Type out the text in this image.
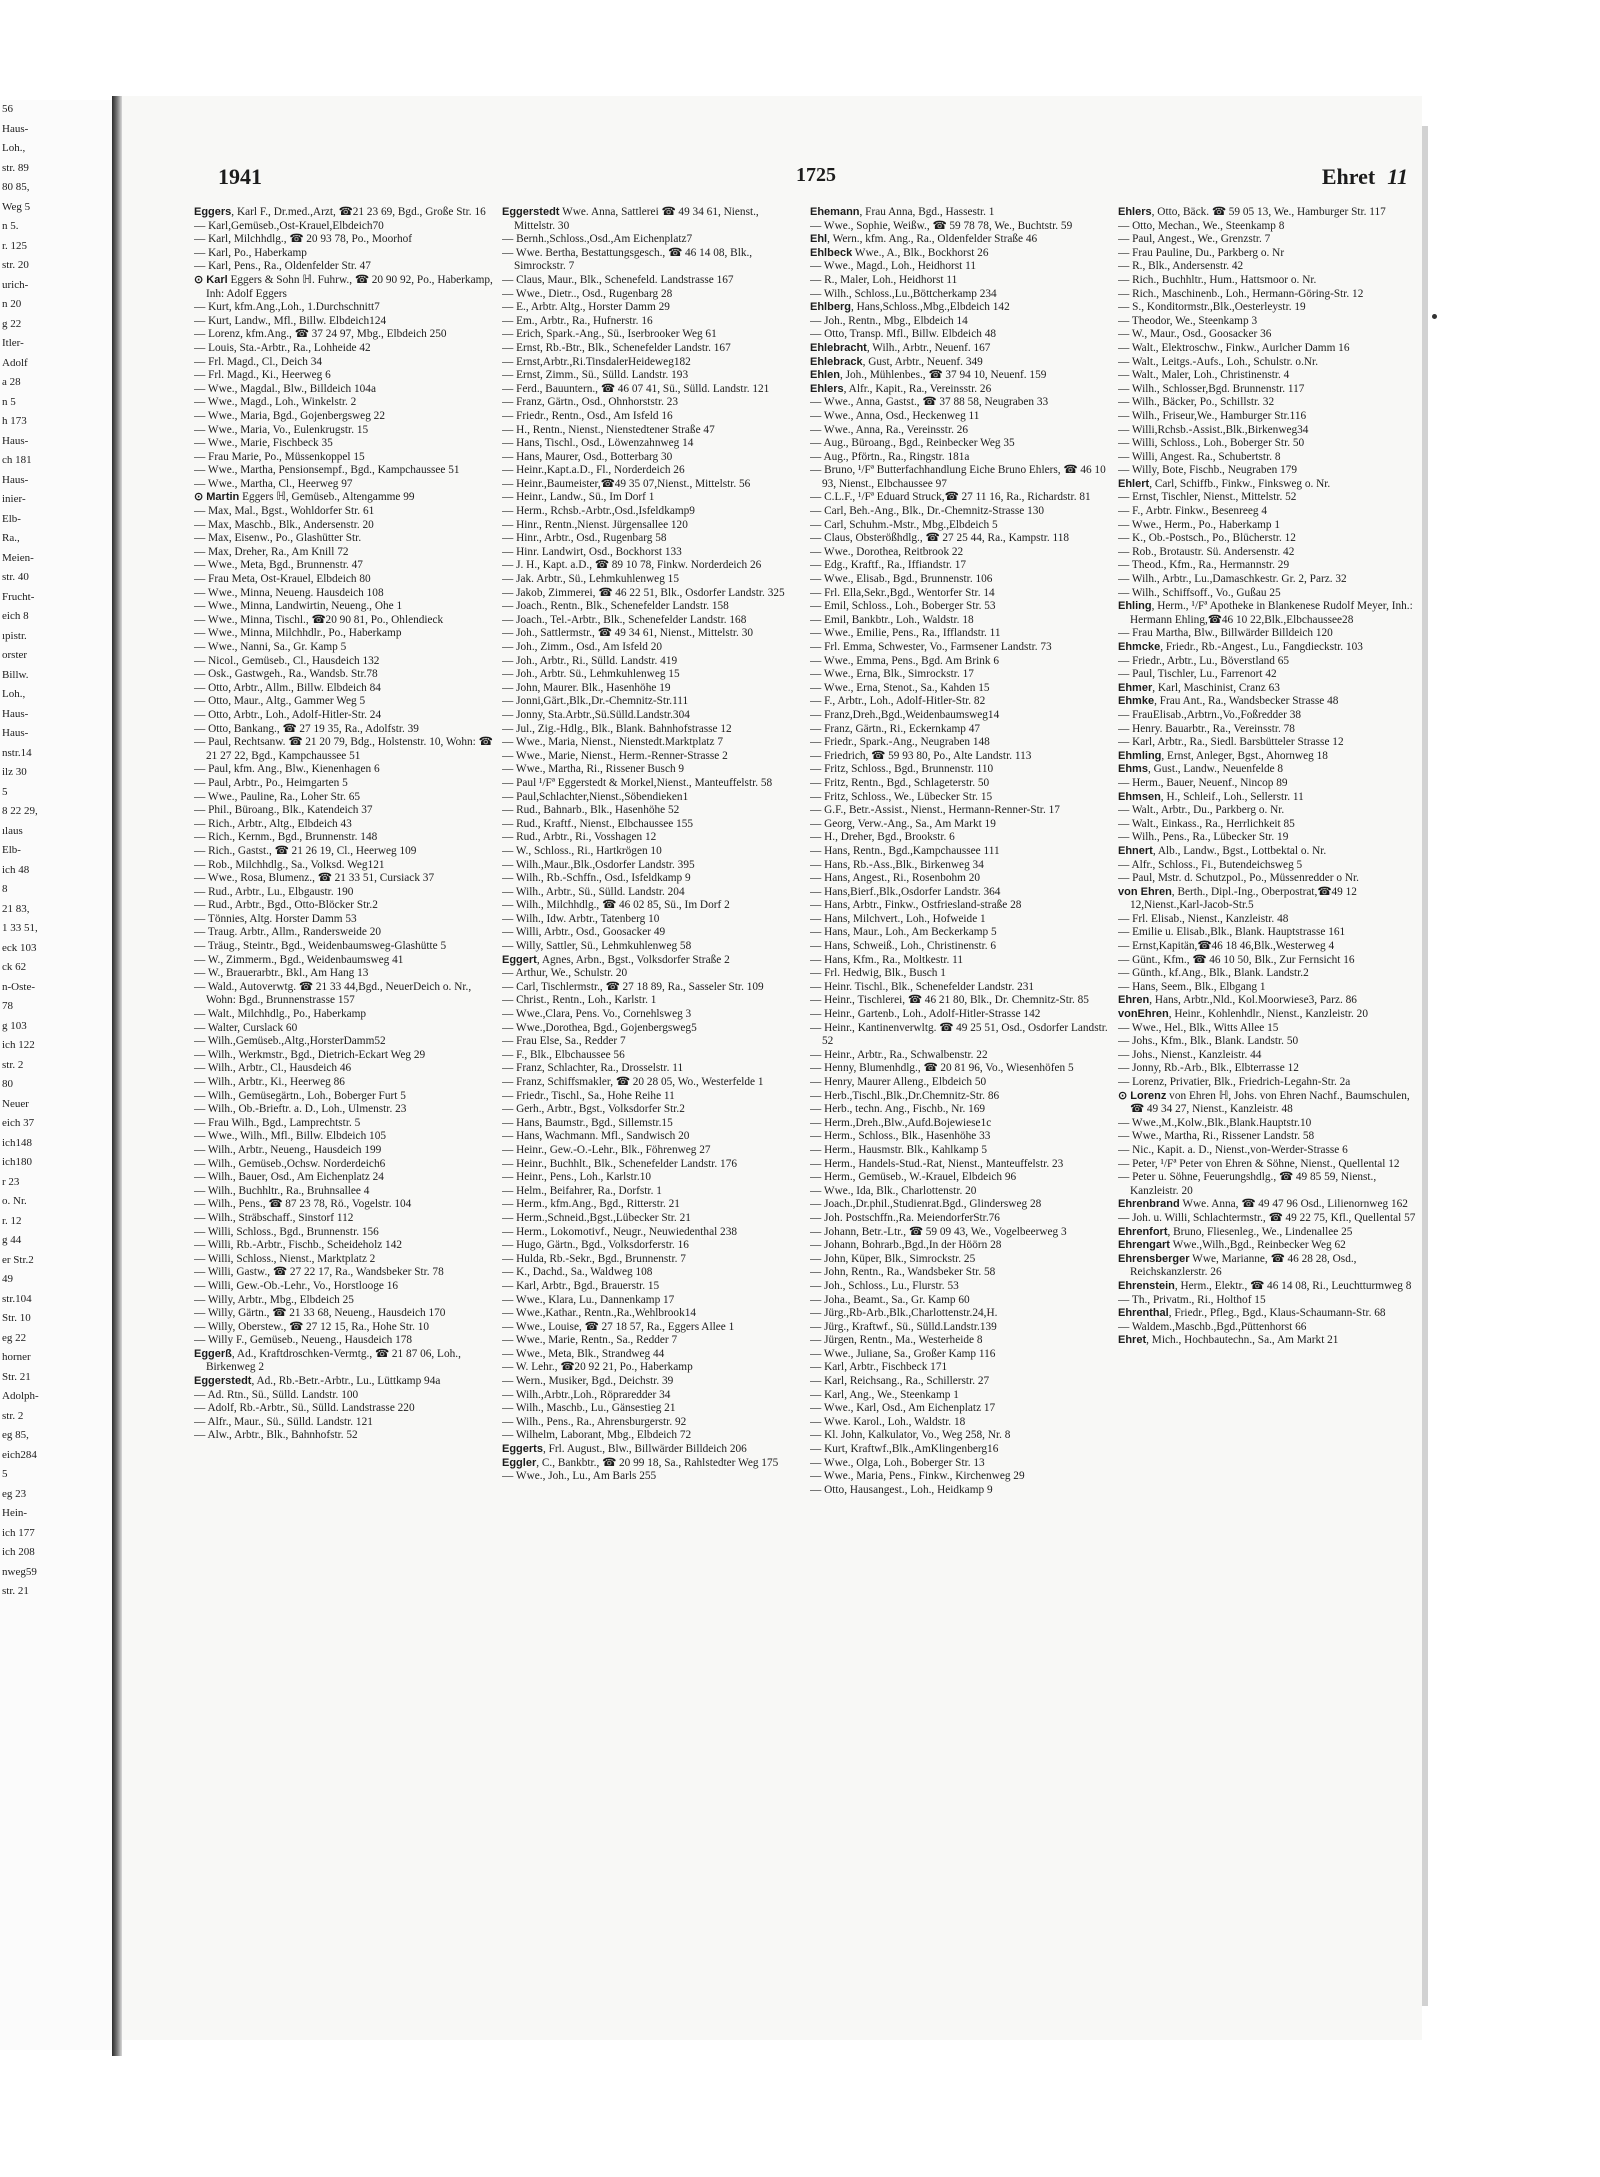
56
Haus-
Loh.,
str. 89
80 85,
Weg 5
n 5.
r. 125
str. 20
urich-
n 20
g 22
Itler-
Adolf
a 28
n 5
h 173
Haus-
ch 181
Haus-
inier-
Elb-
Ra.,
Meien-
str. 40
Frucht-
eich 8
ıpistr.
orster
Billw.
Loh.,
Haus-
Haus-
nstr.14
ilz 30
5
8 22 29,
ılaus
Elb-
ich 48
8
21 83,
1 33 51,
eck 103
ck 62
n-Oste-
78
g 103
ich 122
str. 2
80
Neuer
eich 37
ich148
ich180
r 23
o. Nr.
r. 12
g 44
er Str.2
49
str.104
Str. 10
eg 22
horner
Str. 21
Adolph-
str. 2
eg 85,
eich284
5
eg 23
Hein-
ich 177
ich 208
nweg59
str. 21
1941	1725	Ehret 11

Eggers, Karl F., Dr.med.,Arzt, ☎21 23 69, Bgd., Große Str. 16

— Karl,Gemüseb.,Ost-Krauel,Elbdeich70

— Karl, Milchhdlg., ☎ 20 93 78, Po., Moorhof

— Karl, Po., Haberkamp

— Karl, Pens., Ra., Oldenfelder Str. 47

⊙ Karl Eggers & Sohn ℍ. Fuhrw., ☎ 20 90 92, Po., Haberkamp, Inh: Adolf Eggers

— Kurt, kfm.Ang.,Loh., 1.Durchschnitt7

— Kurt, Landw., Mfl., Billw. Elbdeich124

— Lorenz, kfm.Ang., ☎ 37 24 97, Mbg., Elbdeich 250

— Louis, Sta.-Arbtr., Ra., Lohheide 42

— Frl. Magd., Cl., Deich 34

— Frl. Magd., Ki., Heerweg 6

— Wwe., Magdal., Blw., Billdeich 104a

— Wwe., Magd., Loh., Winkelstr. 2

— Wwe., Maria, Bgd., Gojenbergsweg 22

— Wwe., Maria, Vo., Eulenkrugstr. 15

— Wwe., Marie, Fischbeck 35

— Frau Marie, Po., Müssenkoppel 15

— Wwe., Martha, Pensionsempf., Bgd., Kampchaussee 51

— Wwe., Martha, Cl., Heerweg 97

⊙ Martin Eggers ℍ, Gemüseb., Altengamme 99

— Max, Mal., Bgst., Wohldorfer Str. 61

— Max, Maschb., Blk., Andersenstr. 20

— Max, Eisenw., Po., Glashütter Str.

— Max, Dreher, Ra., Am Knill 72

— Wwe., Meta, Bgd., Brunnenstr. 47

— Frau Meta, Ost-Krauel, Elbdeich 80

— Wwe., Minna, Neueng. Hausdeich 108

— Wwe., Minna, Landwirtin, Neueng., Ohe 1

— Wwe., Minna, Tischl., ☎20 90 81, Po., Ohlendieck

— Wwe., Minna, Milchhdlr., Po., Haberkamp

— Wwe., Nanni, Sa., Gr. Kamp 5

— Nicol., Gemüseb., Cl., Hausdeich 132

— Osk., Gastwgeh., Ra., Wandsb. Str.78

— Otto, Arbtr., Allm., Billw. Elbdeich 84

— Otto, Maur., Altg., Gammer Weg 5

— Otto, Arbtr., Loh., Adolf-Hitler-Str. 24

— Otto, Bankang., ☎ 27 19 35, Ra., Adolfstr. 39

— Paul, Rechtsanw. ☎ 21 20 79, Bdg., Holstenstr. 10, Wohn: ☎ 21 27 22, Bgd., Kampchaussee 51

— Paul, kfm. Ang., Blw., Kienenhagen 6

— Paul, Arbtr., Po., Heimgarten 5

— Wwe., Pauline, Ra., Loher Str. 65

— Phil., Büroang., Blk., Katendeich 37

— Rich., Arbtr., Altg., Elbdeich 43

— Rich., Kernm., Bgd., Brunnenstr. 148

— Rich., Gastst., ☎ 21 26 19, Cl., Heerweg 109

— Rob., Milchhdlg., Sa., Volksd. Weg121

— Wwe., Rosa, Blumenz., ☎ 21 33 51, Cursiack 37

— Rud., Arbtr., Lu., Elbgaustr. 190

— Rud., Arbtr., Bgd., Otto-Blöcker Str.2

— Tönnies, Altg. Horster Damm 53

— Traug. Arbtr., Allm., Randersweide 20

— Träug., Steintr., Bgd., Weidenbaumsweg-Glashütte 5

— W., Zimmerm., Bgd., Weidenbaumsweg 41

— W., Brauerarbtr., Bkl., Am Hang 13

— Wald., Autoverwtg. ☎ 21 33 44,Bgd., NeuerDeich o. Nr., Wohn: Bgd., Brunnenstrasse 157

— Walt., Milchhdlg., Po., Haberkamp

— Walter, Curslack 60

— Wilh.,Gemüseb.,Altg.,HorsterDamm52

— Wilh., Werkmstr., Bgd., Dietrich-Eckart Weg 29

— Wilh., Arbtr., Cl., Hausdeich 46

— Wilh., Arbtr., Ki., Heerweg 86

— Wilh., Gemüsegärtn., Loh., Boberger Furt 5

— Wilh., Ob.-Brieftr. a. D., Loh., Ulmenstr. 23

— Frau Wilh., Bgd., Lamprechtstr. 5

— Wwe., Wilh., Mfl., Billw. Elbdeich 105

— Wilh., Arbtr., Neueng., Hausdeich 199

— Wilh., Gemüseb.,Ochsw. Norderdeich6

— Wilh., Bauer, Osd., Am Eichenplatz 24

— Wilh., Buchhltr., Ra., Bruhnsallee 4

— Wilh., Pens., ☎ 87 23 78, Rö., Vogelstr. 104

— Wilh., Sträbschaff., Sinstorf 112

— Willi, Schloss., Bgd., Brunnenstr. 156

— Willi, Rb.-Arbtr., Fischb., Scheideholz 142

— Willi, Schloss., Nienst., Marktplatz 2

— Willi, Gastw., ☎ 27 22 17, Ra., Wandsbeker Str. 78

— Willi, Gew.-Ob.-Lehr., Vo., Horstlooge 16

— Willy, Arbtr., Mbg., Elbdeich 25

— Willy, Gärtn., ☎ 21 33 68, Neueng., Hausdeich 170

— Willy, Oberstew., ☎ 27 12 15, Ra., Hohe Str. 10

— Willy F., Gemüseb., Neueng., Hausdeich 178

Eggerß, Ad., Kraftdroschken-Vermtg., ☎ 21 87 06, Loh., Birkenweg 2

Eggerstedt, Ad., Rb.-Betr.-Arbtr., Lu., Lüttkamp 94a

— Ad. Rtn., Sü., Sülld. Landstr. 100

— Adolf, Rb.-Arbtr., Sü., Sülld. Landstrasse 220

— Alfr., Maur., Sü., Sülld. Landstr. 121

— Alw., Arbtr., Blk., Bahnhofstr. 52

Eggerstedt Wwe. Anna, Sattlerei ☎ 49 34 61, Nienst., Mittelstr. 30

— Bernh.,Schloss.,Osd.,Am Eichenplatz7

— Wwe. Bertha, Bestattungsgesch., ☎ 46 14 08, Blk., Simrockstr. 7

— Claus, Maur., Blk., Schenefeld. Landstrasse 167

— Wwe., Dietr.., Osd., Rugenbarg 28

— E., Arbtr. Altg., Horster Damm 29

— Em., Arbtr., Ra., Hufnerstr. 16

— Erich, Spark.-Ang., Sü., Iserbrooker Weg 61

— Ernst, Rb.-Btr., Blk., Schenefelder Landstr. 167

— Ernst,Arbtr.,Ri.TinsdalerHeideweg182

— Ernst, Zimm., Sü., Sülld. Landstr. 193

— Ferd., Bauuntern., ☎ 46 07 41, Sü., Sülld. Landstr. 121

— Franz, Gärtn., Osd., Ohnhorststr. 23

— Friedr., Rentn., Osd., Am Isfeld 16

— H., Rentn., Nienst., Nienstedtener Straße 47

— Hans, Tischl., Osd., Löwenzahnweg 14

— Hans, Maurer, Osd., Botterbarg 30

— Heinr.,Kapt.a.D., Fl., Norderdeich 26

— Heinr.,Baumeister,☎49 35 07,Nienst., Mittelstr. 56

— Heinr., Landw., Sü., Im Dorf 1

— Herm., Rchsb.-Arbtr.,Osd.,Isfeldkamp9

— Hinr., Rentn.,Nienst. Jürgensallee 120

— Hinr., Arbtr., Osd., Rugenbarg 58

— Hinr. Landwirt, Osd., Bockhorst 133

— J. H., Kapt. a.D., ☎ 89 10 78, Finkw. Norderdeich 26

— Jak. Arbtr., Sü., Lehmkuhlenweg 15

— Jakob, Zimmerei, ☎ 46 22 51, Blk., Osdorfer Landstr. 325

— Joach., Rentn., Blk., Schenefelder Landstr. 158

— Joach., Tel.-Arbtr., Blk., Schenefelder Landstr. 168

— Joh., Sattlermstr., ☎ 49 34 61, Nienst., Mittelstr. 30

— Joh., Zimm., Osd., Am Isfeld 20

— Joh., Arbtr., Ri., Sülld. Landstr. 419

— Joh., Arbtr. Sü., Lehmkuhlenweg 15

— John, Maurer. Blk., Hasenhöhe 19

— Jonni,Gärt.,Blk.,Dr.-Chemnitz-Str.111

— Jonny, Sta.Arbtr.,Sü.Sülld.Landstr.304

— Jul., Zig.-Hdlg., Blk., Blank. Bahnhofstrasse 12

— Wwe., Maria, Nienst., Nienstedt.Marktplatz 7

— Wwe., Marie, Nienst., Herm.-Renner-Strasse 2

— Wwe., Martha, Ri., Rissener Busch 9

— Paul ¹/Fª Eggerstedt & Morkel,Nienst., Manteuffelstr. 58

— Paul,Schlachter,Nienst.,Söbendieken1

— Rud., Bahnarb., Blk., Hasenhöhe 52

— Rud., Kraftf., Nienst., Elbchaussee 155

— Rud., Arbtr., Ri., Vosshagen 12

— W., Schloss., Ri., Hartkrögen 10

— Wilh.,Maur.,Blk.,Osdorfer Landstr. 395

— Wilh., Rb.-Schffn., Osd., Isfeldkamp 9

— Wilh., Arbtr., Sü., Sülld. Landstr. 204

— Wilh., Milchhdlg., ☎ 46 02 85, Sü., Im Dorf 2

— Wilh., Idw. Arbtr., Tatenberg 10

— Willi, Arbtr., Osd., Goosacker 49

— Willy, Sattler, Sü., Lehmkuhlenweg 58

Eggert, Agnes, Arbn., Bgst., Volksdorfer Straße 2

— Arthur, We., Schulstr. 20

— Carl, Tischlermstr., ☎ 27 18 89, Ra., Sasseler Str. 109

— Christ., Rentn., Loh., Karlstr. 1

— Wwe.,Clara, Pens. Vo., Cornehlsweg 3

— Wwe.,Dorothea, Bgd., Gojenbergsweg5

— Frau Else, Sa., Redder 7

— F., Blk., Elbchaussee 56

— Franz, Schlachter, Ra., Drosselstr. 11

— Franz, Schiffsmakler, ☎ 20 28 05, Wo., Westerfelde 1

— Friedr., Tischl., Sa., Hohe Reihe 11

— Gerh., Arbtr., Bgst., Volksdorfer Str.2

— Hans, Baumstr., Bgd., Sillemstr.15

— Hans, Wachmann. Mfl., Sandwisch 20

— Heinr., Gew.-O.-Lehr., Blk., Föhrenweg 27

— Heinr., Buchhlt., Blk., Schenefelder Landstr. 176

— Heinr., Pens., Loh., Karlstr.10

— Helm., Beifahrer, Ra., Dorfstr. 1

— Herm., kfm.Ang., Bgd., Ritterstr. 21

— Herm.,Schneid.,Bgst.,Lübecker Str. 21

— Herm., Lokomotivf., Neugr., Neuwiedenthal 238

— Hugo, Gärtn., Bgd., Volksdorferstr. 16

— Hulda, Rb.-Sekr., Bgd., Brunnenstr. 7

— K., Dachd., Sa., Waldweg 108

— Karl, Arbtr., Bgd., Brauerstr. 15

— Wwe., Klara, Lu., Dannenkamp 17

— Wwe.,Kathar., Rentn.,Ra.,Wehlbrook14

— Wwe., Louise, ☎ 27 18 57, Ra., Eggers Allee 1

— Wwe., Marie, Rentn., Sa., Redder 7

— Wwe., Meta, Blk., Strandweg 44

— W. Lehr., ☎20 92 21, Po., Haberkamp

— Wern., Musiker, Bgd., Deichstr. 39

— Wilh.,Arbtr.,Loh., Röpraredder 34

— Wilh., Maschb., Lu., Gänsestieg 21

— Wilh., Pens., Ra., Ahrensburgerstr. 92

— Wilhelm, Laborant, Mbg., Elbdeich 72

Eggerts, Frl. August., Blw., Billwärder Billdeich 206

Eggler, C., Bankbtr., ☎ 20 99 18, Sa., Rahlstedter Weg 175

— Wwe., Joh., Lu., Am Barls 255

Ehemann, Frau Anna, Bgd., Hassestr. 1

— Wwe., Sophie, Weißw., ☎ 59 78 78, We., Buchtstr. 59

Ehl, Wern., kfm. Ang., Ra., Oldenfelder Straße 46

Ehlbeck Wwe., A., Blk., Bockhorst 26

— Wwe., Magd., Loh., Heidhorst 11

— R., Maler, Loh., Heidhorst 11

— Wilh., Schloss.,Lu.,Böttcherkamp 234

Ehlberg, Hans,Schloss.,Mbg.,Elbdeich 142

— Joh., Rentn., Mbg., Elbdeich 14

— Otto, Transp. Mfl., Billw. Elbdeich 48

Ehlebracht, Wilh., Arbtr., Neuenf. 167

Ehlebrack, Gust, Arbtr., Neuenf. 349

Ehlen, Joh., Mühlenbes., ☎ 37 94 10, Neuenf. 159

Ehlers, Alfr., Kapit., Ra., Vereinsstr. 26

— Wwe., Anna, Gastst., ☎ 37 88 58, Neugraben 33

— Wwe., Anna, Osd., Heckenweg 11

— Wwe., Anna, Ra., Vereinsstr. 26

— Aug., Büroang., Bgd., Reinbecker Weg 35

— Aug., Pförtn., Ra., Ringstr. 181a

— Bruno, ¹/Fª Butterfachhandlung Eiche Bruno Ehlers, ☎ 46 10 93, Nienst., Elbchaussee 97

— C.L.F., ¹/Fª Eduard Struck,☎ 27 11 16, Ra., Richardstr. 81

— Carl, Beh.-Ang., Blk., Dr.-Chemnitz-Strasse 130

— Carl, Schuhm.-Mstr., Mbg.,Elbdeich 5

— Claus, Obsterößhdlg., ☎ 27 25 44, Ra., Kampstr. 118

— Wwe., Dorothea, Reitbrook 22

— Edg., Kraftf., Ra., Iffiandstr. 17

— Wwe., Elisab., Bgd., Brunnenstr. 106

— Frl. Ella,Sekr.,Bgd., Wentorfer Str. 14

— Emil, Schloss., Loh., Boberger Str. 53

— Emil, Bankbtr., Loh., Waldstr. 18

— Wwe., Emilie, Pens., Ra., Ifflandstr. 11

— Frl. Emma, Schwester, Vo., Farmsener Landstr. 73

— Wwe., Emma, Pens., Bgd. Am Brink 6

— Wwe., Erna, Blk., Simrockstr. 17

— Wwe., Erna, Stenot., Sa., Kahden 15

— F., Arbtr., Loh., Adolf-Hitler-Str. 82

— Franz,Dreh.,Bgd.,Weidenbaumsweg14

— Franz, Gärtn., Ri., Eckernkamp 47

— Friedr., Spark.-Ang., Neugraben 148

— Friedrich, ☎ 59 93 80, Po., Alte Landstr. 113

— Fritz, Schloss., Bgd., Brunnenstr. 110

— Fritz, Rentn., Bgd., Schlageterstr. 50

— Fritz, Schloss., We., Lübecker Str. 15

— G.F., Betr.-Assist., Nienst., Hermann-Renner-Str. 17

— Georg, Verw.-Ang., Sa., Am Markt 19

— H., Dreher, Bgd., Brookstr. 6

— Hans, Rentn., Bgd.,Kampchaussee 111

— Hans, Rb.-Ass.,Blk., Birkenweg 34

— Hans, Angest., Ri., Rosenbohm 20

— Hans,Bierf.,Blk.,Osdorfer Landstr. 364

— Hans, Arbtr., Finkw., Ostfriesland-straße 28

— Hans, Milchvert., Loh., Hofweide 1

— Hans, Maur., Loh., Am Beckerkamp 5

— Hans, Schweiß., Loh., Christinenstr. 6

— Hans, Kfm., Ra., Moltkestr. 11

— Frl. Hedwig, Blk., Busch 1

— Heinr. Tischl., Blk., Schenefelder Landstr. 231

— Heinr., Tischlerei, ☎ 46 21 80, Blk., Dr. Chemnitz-Str. 85

— Heinr., Gartenb., Loh., Adolf-Hitler-Strasse 142

— Heinr., Kantinenverwltg. ☎ 49 25 51, Osd., Osdorfer Landstr. 52

— Heinr., Arbtr., Ra., Schwalbenstr. 22

— Henny, Blumenhdlg., ☎ 20 81 96, Vo., Wiesenhöfen 5

— Henry, Maurer Alleng., Elbdeich 50

— Herb.,Tischl.,Blk.,Dr.Chemnitz-Str. 86

— Herb., techn. Ang., Fischb., Nr. 169

— Herm.,Dreh.,Blw.,Aufd.Bojewiese1c

— Herm., Schloss., Blk., Hasenhöhe 33

— Herm., Hausmstr. Blk., Kahlkamp 5

— Herm., Handels-Stud.-Rat, Nienst., Manteuffelstr. 23

— Herm., Gemüseb., W.-Krauel, Elbdeich 96

— Wwe., Ida, Blk., Charlottenstr. 20

— Joach.,Dr.phil.,Studienrat.Bgd., Glindersweg 28

— Joh. Postschffn.,Ra. MeiendorferStr.76

— Johann, Betr.-Ltr., ☎ 59 09 43, We., Vogelbeerweg 3

— Johann, Bohrarb.,Bgd.,In der Höörn 28

— John, Küper, Blk., Simrockstr. 25

— John, Rentn., Ra., Wandsbeker Str. 58

— Joh., Schloss., Lu., Flurstr. 53

— Joha., Beamt., Sa., Gr. Kamp 60

— Jürg.,Rb-Arb.,Blk.,Charlottenstr.24,H.

— Jürg., Kraftwf., Sü., Sülld.Landstr.139

— Jürgen, Rentn., Ma., Westerheide 8

— Wwe., Juliane, Sa., Großer Kamp 116

— Karl, Arbtr., Fischbeck 171

— Karl, Reichsang., Ra., Schillerstr. 27

— Karl, Ang., We., Steenkamp 1

— Wwe., Karl, Osd., Am Eichenplatz 17

— Wwe. Karol., Loh., Waldstr. 18

— Kl. John, Kalkulator, Vo., Weg 258, Nr. 8

— Kurt, Kraftwf.,Blk.,AmKlingenberg16

— Wwe., Olga, Loh., Boberger Str. 13

— Wwe., Maria, Pens., Finkw., Kirchenweg 29

— Otto, Hausangest., Loh., Heidkamp 9

Ehlers, Otto, Bäck. ☎ 59 05 13, We., Hamburger Str. 117

— Otto, Mechan., We., Steenkamp 8

— Paul, Angest., We., Grenzstr. 7

— Frau Pauline, Du., Parkberg o. Nr

— R., Blk., Andersenstr. 42

— Rich., Buchhltr., Hum., Hattsmoor o. Nr.

— Rich., Maschinenb., Loh., Hermann-Göring-Str. 12

— S., Konditormstr.,Blk.,Oesterleystr. 19

— Theodor, We., Steenkamp 3

— W., Maur., Osd., Goosacker 36

— Walt., Elektroschw., Finkw., Aurlcher Damm 16

— Walt., Leitgs.-Aufs., Loh., Schulstr. o.Nr.

— Walt., Maler, Loh., Christinenstr. 4

— Wilh., Schlosser,Bgd. Brunnenstr. 117

— Wilh., Bäcker, Po., Schillstr. 32

— Wilh., Friseur,We., Hamburger Str.116

— Willi,Rchsb.-Assist.,Blk.,Birkenweg34

— Willi, Schloss., Loh., Boberger Str. 50

— Willi, Angest. Ra., Schubertstr. 8

— Willy, Bote, Fischb., Neugraben 179

Ehlert, Carl, Schiffb., Finkw., Finksweg o. Nr.

— Ernst, Tischler, Nienst., Mittelstr. 52

— F., Arbtr. Finkw., Besenreeg 4

— Wwe., Herm., Po., Haberkamp 1

— K., Ob.-Postsch., Po., Blücherstr. 12

— Rob., Brotaustr. Sü. Andersenstr. 42

— Theod., Kfm., Ra., Hermannstr. 29

— Wilh., Arbtr., Lu.,Damaschkestr. Gr. 2, Parz. 32

— Wilh., Schiffsoff., Vo., Gußau 25

Ehling, Herm., ¹/Fª Apotheke in Blankenese Rudolf Meyer, Inh.: Hermann Ehling,☎46 10 22,Blk.,Elbchaussee28

— Frau Martha, Blw., Billwärder Billdeich 120

Ehmcke, Friedr., Rb.-Angest., Lu., Fangdieckstr. 103

— Friedr., Arbtr., Lu., Böverstland 65

— Paul, Tischler, Lu., Farrenort 42

Ehmer, Karl, Maschinist, Cranz 63

Ehmke, Frau Ant., Ra., Wandsbecker Strasse 48

— FrauElisab.,Arbtrn.,Vo.,Foßredder 38

— Henry. Bauarbtr., Ra., Vereinsstr. 78

— Karl, Arbtr., Ra., Siedl. Barsbütteler Strasse 12

Ehmling, Ernst, Anleger, Bgst., Ahornweg 18

Ehms, Gust., Landw., Neuenfelde 8

— Herm., Bauer, Neuenf., Nincop 89

Ehmsen, H., Schleif., Loh., Sellerstr. 11

— Walt., Arbtr., Du., Parkberg o. Nr.

— Walt., Einkass., Ra., Herrlichkeit 85

— Wilh., Pens., Ra., Lübecker Str. 19

Ehnert, Alb., Landw., Bgst., Lottbektal o. Nr.

— Alfr., Schloss., Fi., Butendeichsweg 5

— Paul, Mstr. d. Schutzpol., Po., Müssenredder o Nr.

von Ehren, Berth., Dipl.-Ing., Oberpostrat,☎49 12 12,Nienst.,Karl-Jacob-Str.5

— Frl. Elisab., Nienst., Kanzleistr. 48

— Emilie u. Elisab.,Blk., Blank. Hauptstrasse 161

— Ernst,Kapitän,☎46 18 46,Blk.,Westerweg 4

— Günt., Kfm., ☎ 46 10 50, Blk., Zur Fernsicht 16

— Günth., kf.Ang., Blk., Blank. Landstr.2

— Hans, Seem., Blk., Elbgang 1

Ehren, Hans, Arbtr.,Nld., Kol.Moorwiese3, Parz. 86

vonEhren, Heinr., Kohlenhdlr., Nienst., Kanzleistr. 20

— Wwe., Hel., Blk., Witts Allee 15

— Johs., Kfm., Blk., Blank. Landstr. 50

— Johs., Nienst., Kanzleistr. 44

— Jonny, Rb.-Arb., Blk., Elbterrasse 12

— Lorenz, Privatier, Blk., Friedrich-Legahn-Str. 2a

⊙ Lorenz von Ehren ℍ, Johs. von Ehren Nachf., Baumschulen, ☎ 49 34 27, Nienst., Kanzleistr. 48

— Wwe.,M.,Kolw.,Blk.,Blank.Hauptstr.10

— Wwe., Martha, Ri., Rissener Landstr. 58

— Nic., Kapit. a. D., Nienst.,von-Werder-Strasse 6

— Peter, ¹/Fª Peter von Ehren & Söhne, Nienst., Quellental 12

— Peter u. Söhne, Feuerungshdlg., ☎ 49 85 59, Nienst., Kanzleistr. 20

Ehrenbrand Wwe. Anna, ☎ 49 47 96 Osd., Lilienornweg 162

— Joh. u. Willi, Schlachtermstr., ☎ 49 22 75, Kfl., Quellental 57

Ehrenfort, Bruno, Fliesenleg., We., Lindenallee 25

Ehrengart Wwe.,Wilh.,Bgd., Reinbecker Weg 62

Ehrensberger Wwe, Marianne, ☎ 46 28 28, Osd., Reichskanzlerstr. 26

Ehrenstein, Herm., Elektr., ☎ 46 14 08, Ri., Leuchtturmweg 8

— Th., Privatm., Ri., Holthof 15

Ehrenthal, Friedr., Pfleg., Bgd., Klaus-Schaumann-Str. 68

— Waldem.,Maschb.,Bgd.,Püttenhorst 66

Ehret, Mich., Hochbautechn., Sa., Am Markt 21
